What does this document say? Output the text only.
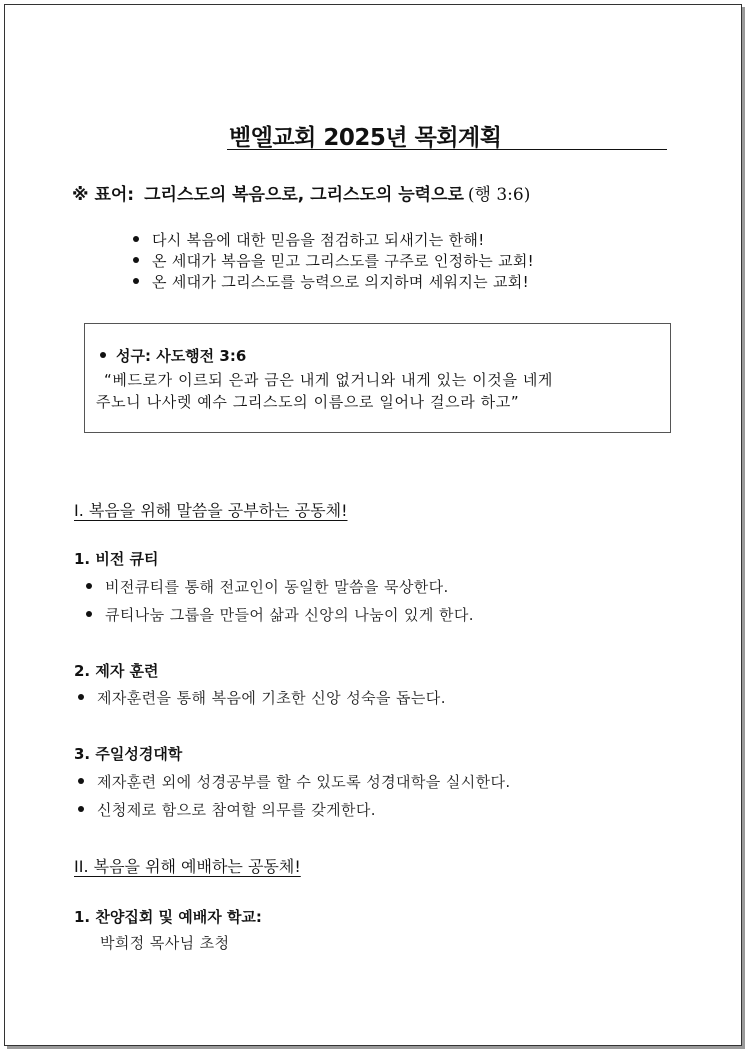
벧엘교회 2025년 목회계획
※ 표어: 그리스도의 복음으로, 그리스도의 능력으로 (행 3:6)
다시 복음에 대한 믿음을 점검하고 되새기는 한해!
온 세대가 복음을 믿고 그리스도를 구주로 인정하는 교회!
온 세대가 그리스도를 능력으로 의지하며 세워지는 교회!
성구: 사도행전 3:6
“베드로가 이르되 은과 금은 내게 없거니와 내게 있는 이것을 네게
주노니 나사렛 예수 그리스도의 이름으로 일어나 걸으라 하고”
I. 복음을 위해 말씀을 공부하는 공동체!
1. 비전 큐티
비전큐티를 통해 전교인이 동일한 말씀을 묵상한다.
큐티나눔 그룹을 만들어 삶과 신앙의 나눔이 있게 한다.
2. 제자 훈련
제자훈련을 통해 복음에 기초한 신앙 성숙을 돕는다.
3. 주일성경대학
제자훈련 외에 성경공부를 할 수 있도록 성경대학을 실시한다.
신청제로 함으로 참여할 의무를 갖게한다.
II. 복음을 위해 예배하는 공동체!
1. 찬양집회 및 예배자 학교:
박희정 목사님 초청
